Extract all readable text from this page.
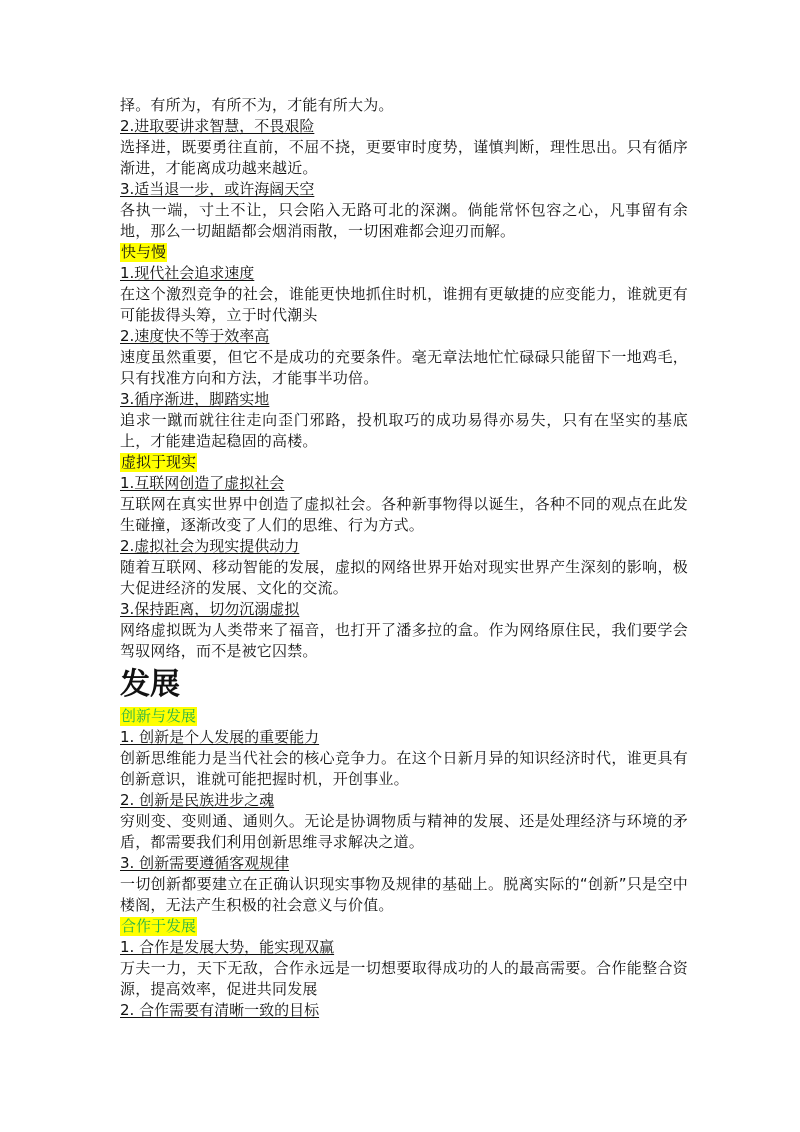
择。有所为，有所不为，才能有所大为。
2.进取要讲求智慧，不畏艰险
选择进，既要勇往直前，不屈不挠，更要审时度势，谨慎判断，理性思出。只有循序渐进，才能离成功越来越近。
3.适当退一步，或许海阔天空
各执一端，寸土不让，只会陷入无路可北的深渊。倘能常怀包容之心，凡事留有余地，那么一切龃龉都会烟消雨散，一切困难都会迎刃而解。
快与慢
1.现代社会追求速度
在这个激烈竞争的社会，谁能更快地抓住时机，谁拥有更敏捷的应变能力，谁就更有可能拔得头筹，立于时代潮头
2.速度快不等于效率高
速度虽然重要，但它不是成功的充要条件。毫无章法地忙忙碌碌只能留下一地鸡毛，只有找准方向和方法，才能事半功倍。
3.循序渐进，脚踏实地
追求一蹴而就往往走向歪门邪路，投机取巧的成功易得亦易失，只有在坚实的基底上，才能建造起稳固的高楼。
虚拟于现实
1.互联网创造了虚拟社会
互联网在真实世界中创造了虚拟社会。各种新事物得以诞生，各种不同的观点在此发生碰撞，逐渐改变了人们的思维、行为方式。
2.虚拟社会为现实提供动力
随着互联网、移动智能的发展，虚拟的网络世界开始对现实世界产生深刻的影响，极大促进经济的发展、文化的交流。
3.保持距离，切勿沉溺虚拟
网络虚拟既为人类带来了福音，也打开了潘多拉的盒。作为网络原住民，我们要学会驾驭网络，而不是被它囚禁。
发展
创新与发展
1. 创新是个人发展的重要能力
创新思维能力是当代社会的核心竞争力。在这个日新月异的知识经济时代，谁更具有创新意识，谁就可能把握时机，开创事业。
2. 创新是民族进步之魂
穷则变、变则通、通则久。无论是协调物质与精神的发展、还是处理经济与环境的矛盾，都需要我们利用创新思维寻求解决之道。
3. 创新需要遵循客观规律
一切创新都要建立在正确认识现实事物及规律的基础上。脱离实际的“创新”只是空中楼阁，无法产生积极的社会意义与价值。
合作于发展
1. 合作是发展大势，能实现双赢
万夫一力，天下无敌，合作永远是一切想要取得成功的人的最高需要。合作能整合资源，提高效率，促进共同发展
2. 合作需要有清晰一致的目标
